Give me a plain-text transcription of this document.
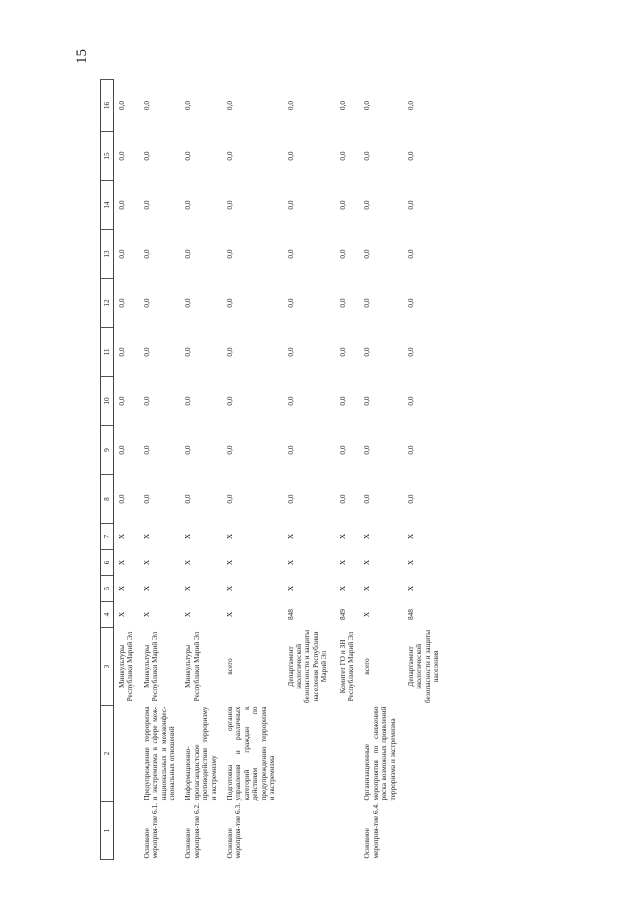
15
1	2	3	4	5	6	7	8	9	10	11	12	13	14	15	16
		Минкультуры Республики Марий Эл	X	X	X	X	0,0	0,0	0,0	0,0	0,0	0,0	0,0	0,0	0,0
Основное мероприя-тие 6.1.	Предупреждение терроризма и экстремизма в сфере меж-национальных и межконфес-сиональных отношений	Минкультуры Республики Марий Эл	X	X	X	X	0,0	0,0	0,0	0,0	0,0	0,0	0,0	0,0	0,0
Основное мероприя-тие 6.2.	Информационно-пропагандистское противодействие терроризму и экстремизму	Минкультуры Республики Марий Эл	X	X	X	X	0,0	0,0	0,0	0,0	0,0	0,0	0,0	0,0	0,0
Основное мероприя-тие 6.3.	Подготовка органов управления и различных категорий граждан к действиям по предупреждению терроризма и экстремизма	всего	X	X	X	X	0,0	0,0	0,0	0,0	0,0	0,0	0,0	0,0	0,0
		Департамент экологической безопасности и защиты населения Республики Марий Эл	848	X	X	X	0,0	0,0	0,0	0,0	0,0	0,0	0,0	0,0	0,0
		Комитет ГО и ЗН Республики Марий Эл	849	X	X	X	0,0	0,0	0,0	0,0	0,0	0,0	0,0	0,0	0,0
Основное мероприя-тие 6.4.	Организационные мероприятия по снижению риска возможных проявлений терроризма и экстремизма	всего	X	X	X	X	0,0	0,0	0,0	0,0	0,0	0,0	0,0	0,0	0,0
		Департамент экологической безопасности и защиты населения	848	X	X	X	0,0	0,0	0,0	0,0	0,0	0,0	0,0	0,0	0,0
